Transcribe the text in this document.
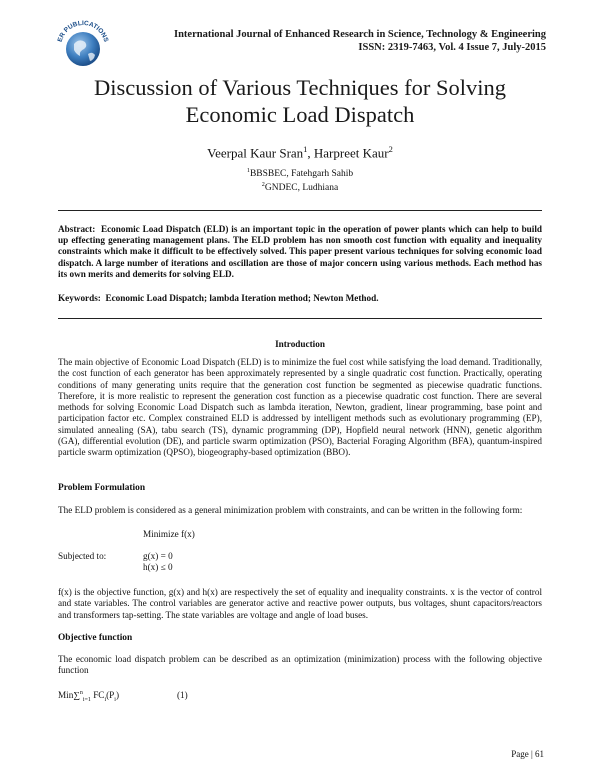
ER PUBLICATIONS	International Journal of Enhanced Research in Science, Technology & Engineering
ISSN: 2319-7463, Vol. 4 Issue 7, July-2015
Discussion of Various Techniques for Solving
Economic Load Dispatch
Veerpal Kaur Sran$^1$, Harpreet Kaur$^2$
$^1$BBSBEC, Fatehgarh Sahib
$^2$GNDEC, Ludhiana
Abstract: Economic Load Dispatch (ELD) is an important topic in the operation of power plants which can help to build up effecting generating management plans. The ELD problem has non smooth cost function with equality and inequality constraints which make it difficult to be effectively solved. This paper present various techniques for solving economic load dispatch. A large number of iterations and oscillation are those of major concern using various methods. Each method has its own merits and demerits for solving ELD.
Keywords: Economic Load Dispatch; lambda Iteration method; Newton Method.
Introduction
The main objective of Economic Load Dispatch (ELD) is to minimize the fuel cost while satisfying the load demand. Traditionally, the cost function of each generator has been approximately represented by a single quadratic cost function. Practically, operating conditions of many generating units require that the generation cost function be segmented as piecewise quadratic functions. Therefore, it is more realistic to represent the generation cost function as a piecewise quadratic cost function. There are several methods for solving Economic Load Dispatch such as lambda iteration, Newton, gradient, linear programming, base point and participation factor etc. Complex constrained ELD is addressed by intelligent methods such as evolutionary programming (EP), simulated annealing (SA), tabu search (TS), dynamic programming (DP), Hopfield neural network (HNN), genetic algorithm (GA), differential evolution (DE), and particle swarm optimization (PSO), Bacterial Foraging Algorithm (BFA), quantum-inspired particle swarm optimization (QPSO), biogeography-based optimization (BBO).
Problem Formulation
The ELD problem is considered as a general minimization problem with constraints, and can be written in the following form:
Minimize f(x)
Subjected to:	g(x) = 0
h(x) ≤ 0
f(x) is the objective function, g(x) and h(x) are respectively the set of equality and inequality constraints. x is the vector of control and state variables. The control variables are generator active and reactive power outputs, bus voltages, shunt capacitors/reactors and transformers tap-setting. The state variables are voltage and angle of load buses.
Objective function
The economic load dispatch problem can be described as an optimization (minimization) process with the following objective function
Min∑$^n_{i=1}$ $FC_i(P_i)$	(1)
Page | 61
